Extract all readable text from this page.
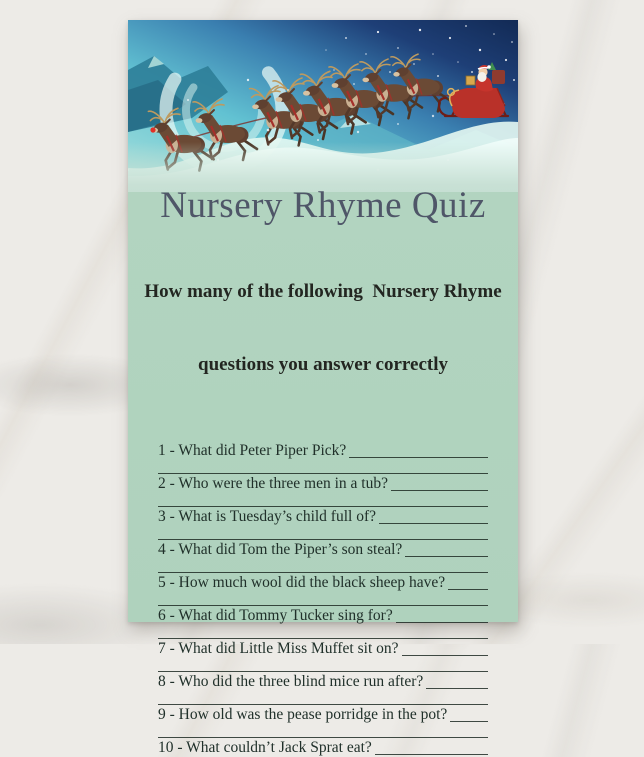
Nursery Rhyme Quiz

How many of the following  Nursery Rhyme

questions you answer correctly

1 - What did Peter Piper Pick?
2 - Who were the three men in a tub?
3 - What is Tuesday’s child full of?
4 - What did Tom the Piper’s son steal?
5 - How much wool did the black sheep have?
6 - What did Tommy Tucker sing for?
7 - What did Little Miss Muffet sit on?
8 - Who did the three blind mice run after?
9 - How old was the pease porridge in the pot?
10 - What couldn’t Jack Sprat eat?
